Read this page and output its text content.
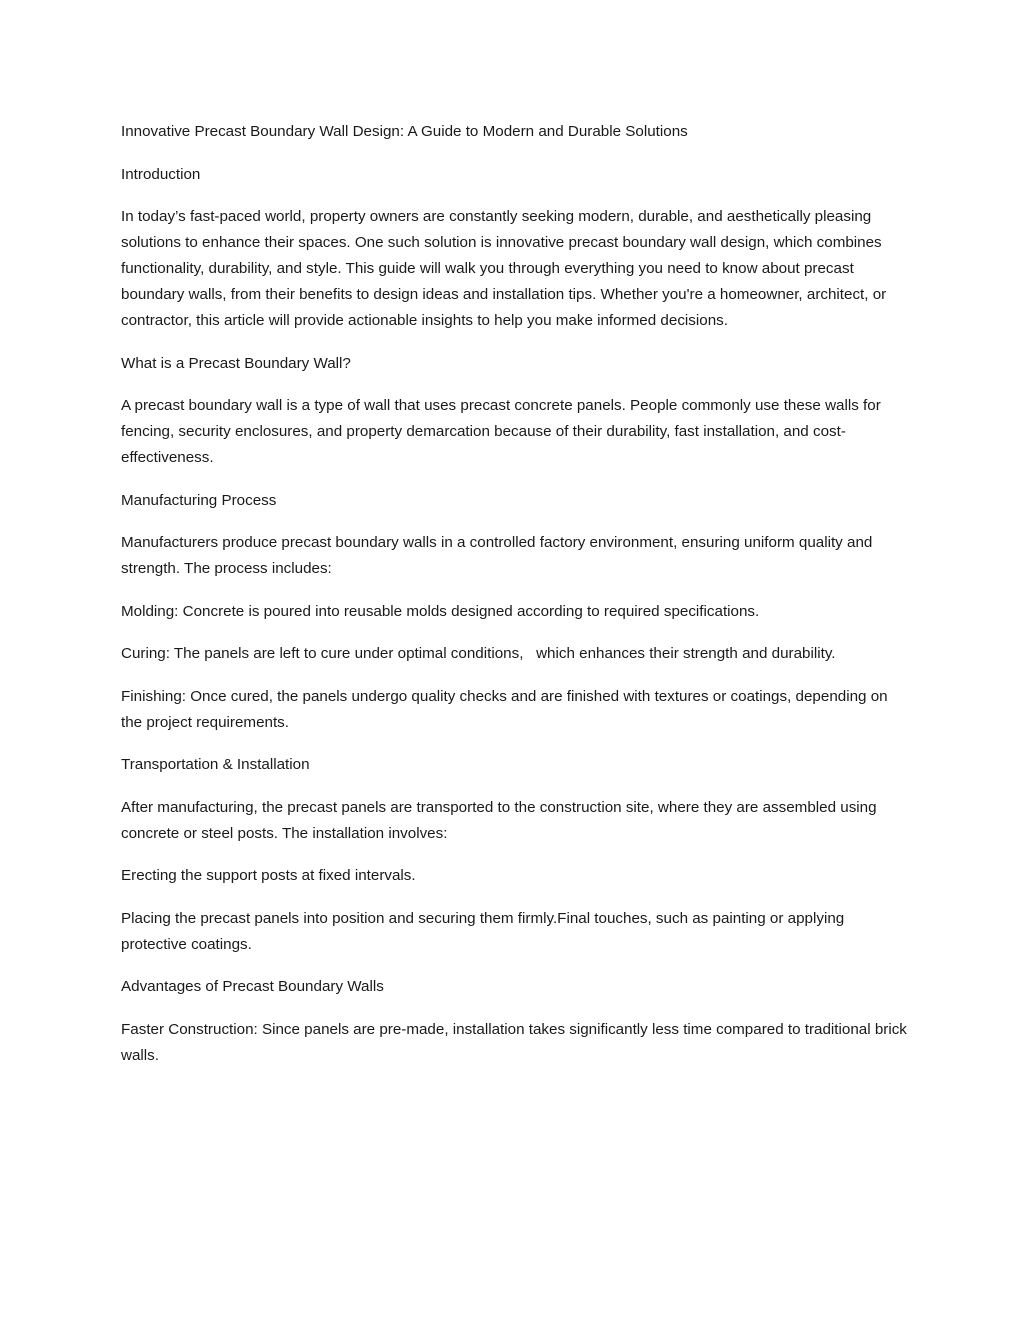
Innovative Precast Boundary Wall Design: A Guide to Modern and Durable Solutions

Introduction

In today’s fast-paced world, property owners are constantly seeking modern, durable, and aesthetically pleasing solutions to enhance their spaces. One such solution is innovative precast boundary wall design, which combines functionality, durability, and style. This guide will walk you through everything you need to know about precast boundary walls, from their benefits to design ideas and installation tips. Whether you're a homeowner, architect, or contractor, this article will provide actionable insights to help you make informed decisions.

What is a Precast Boundary Wall?

A precast boundary wall is a type of wall that uses precast concrete panels. People commonly use these walls for fencing, security enclosures, and property demarcation because of their durability, fast installation, and cost-effectiveness.

Manufacturing Process

Manufacturers produce precast boundary walls in a controlled factory environment, ensuring uniform quality and strength. The process includes:

Molding: Concrete is poured into reusable molds designed according to required specifications.

Curing: The panels are left to cure under optimal conditions,   which enhances their strength and durability.

Finishing: Once cured, the panels undergo quality checks and are finished with textures or coatings, depending on the project requirements.

Transportation & Installation

After manufacturing, the precast panels are transported to the construction site, where they are assembled using concrete or steel posts. The installation involves:

Erecting the support posts at fixed intervals.

Placing the precast panels into position and securing them firmly.Final touches, such as painting or applying protective coatings.

Advantages of Precast Boundary Walls

Faster Construction: Since panels are pre-made, installation takes significantly less time compared to traditional brick walls.
